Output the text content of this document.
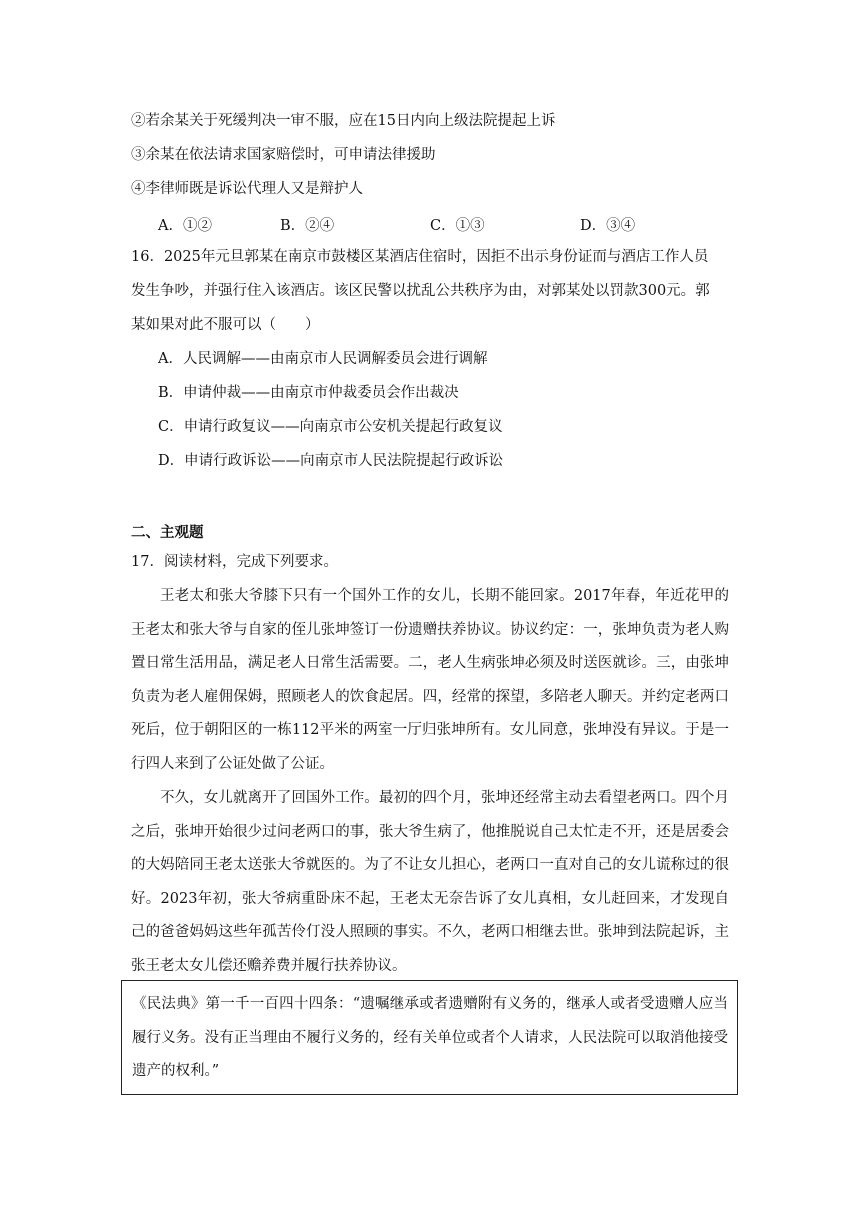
②若余某关于死缓判决一审不服，应在15日内向上级法院提起上诉
③余某在依法请求国家赔偿时，可申请法律援助
④李律师既是诉讼代理人又是辩护人
A．①②	B．②④	C．①③	D．③④
16．2025年元旦郭某在南京市鼓楼区某酒店住宿时，因拒不出示身份证而与酒店工作人员
发生争吵，并强行住入该酒店。该区民警以扰乱公共秩序为由，对郭某处以罚款300元。郭
某如果对此不服可以（　　）
A．人民调解——由南京市人民调解委员会进行调解
B．申请仲裁——由南京市仲裁委员会作出裁决
C．申请行政复议——向南京市公安机关提起行政复议
D．申请行政诉讼——向南京市人民法院提起行政诉讼
二、主观题
17．阅读材料，完成下列要求。
王老太和张大爷膝下只有一个国外工作的女儿，长期不能回家。2017年春，年近花甲的王老太和张大爷与自家的侄儿张坤签订一份遗赠扶养协议。协议约定：一，张坤负责为老人购置日常生活用品，满足老人日常生活需要。二，老人生病张坤必须及时送医就诊。三，由张坤负责为老人雇佣保姆，照顾老人的饮食起居。四，经常的探望，多陪老人聊天。并约定老两口死后，位于朝阳区的一栋112平米的两室一厅归张坤所有。女儿同意，张坤没有异议。于是一行四人来到了公证处做了公证。
不久，女儿就离开了回国外工作。最初的四个月，张坤还经常主动去看望老两口。四个月之后，张坤开始很少过问老两口的事，张大爷生病了，他推脱说自己太忙走不开，还是居委会的大妈陪同王老太送张大爷就医的。为了不让女儿担心，老两口一直对自己的女儿谎称过的很好。2023年初，张大爷病重卧床不起，王老太无奈告诉了女儿真相，女儿赶回来，才发现自己的爸爸妈妈这些年孤苦伶仃没人照顾的事实。不久，老两口相继去世。张坤到法院起诉，主张王老太女儿偿还赡养费并履行扶养协议。
《民法典》第一千一百四十四条：“遗嘱继承或者遗赠附有义务的，继承人或者受遗赠人应当履行义务。没有正当理由不履行义务的，经有关单位或者个人请求，人民法院可以取消他接受遗产的权利。”
